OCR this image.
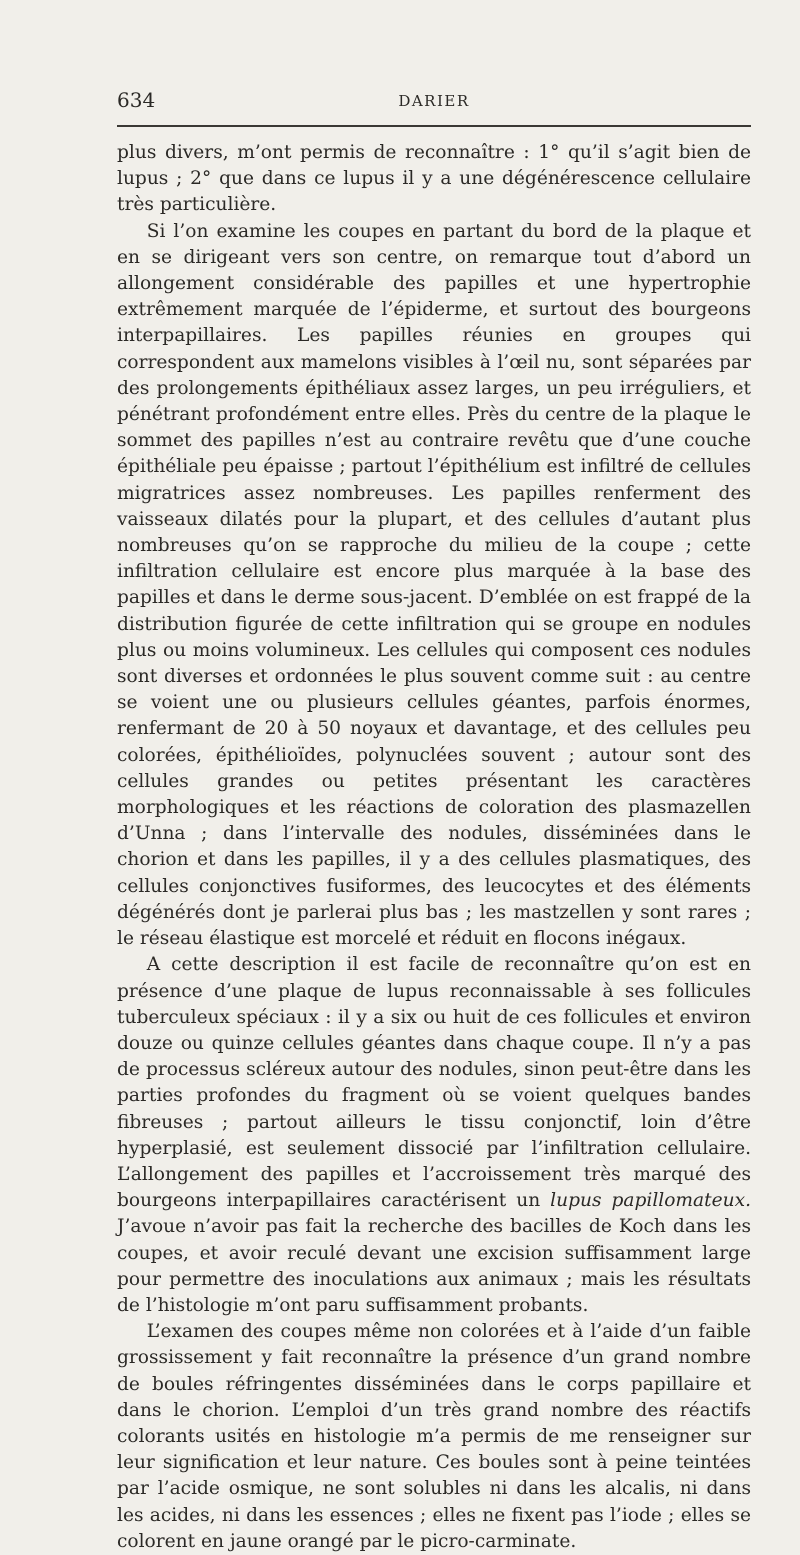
634	DARIER

plus divers, m’ont permis de reconnaître : 1° qu’il s’agit bien de lupus ; 2° que dans ce lupus il y a une dégénérescence cellulaire très particulière.

Si l’on examine les coupes en partant du bord de la plaque et en se dirigeant vers son centre, on remarque tout d’abord un allongement considérable des papilles et une hypertrophie extrêmement marquée de l’épiderme, et surtout des bourgeons interpapillaires. Les papilles réunies en groupes qui correspondent aux mamelons visibles à l’œil nu, sont séparées par des prolongements épithéliaux assez larges, un peu irréguliers, et pénétrant profondément entre elles. Près du centre de la plaque le sommet des papilles n’est au contraire revêtu que d’une couche épithéliale peu épaisse ; partout l’épithélium est infiltré de cellules migratrices assez nombreuses. Les papilles renferment des vaisseaux dilatés pour la plupart, et des cellules d’autant plus nombreuses qu’on se rapproche du milieu de la coupe ; cette infiltration cellulaire est encore plus marquée à la base des papilles et dans le derme sous-jacent. D’emblée on est frappé de la distribution figurée de cette infiltration qui se groupe en nodules plus ou moins volumineux. Les cellules qui composent ces nodules sont diverses et ordonnées le plus souvent comme suit : au centre se voient une ou plusieurs cellules géantes, parfois énormes, renfermant de 20 à 50 noyaux et davantage, et des cellules peu colorées, épithélioïdes, polynuclées souvent ; autour sont des cellules grandes ou petites présentant les caractères morphologiques et les réactions de coloration des plasmazellen d’Unna ; dans l’intervalle des nodules, disséminées dans le chorion et dans les papilles, il y a des cellules plasmatiques, des cellules conjonctives fusiformes, des leucocytes et des éléments dégénérés dont je parlerai plus bas ; les mastzellen y sont rares ; le réseau élastique est morcelé et réduit en flocons inégaux.

A cette description il est facile de reconnaître qu’on est en présence d’une plaque de lupus reconnaissable à ses follicules tuberculeux spéciaux : il y a six ou huit de ces follicules et environ douze ou quinze cellules géantes dans chaque coupe. Il n’y a pas de processus scléreux autour des nodules, sinon peut-être dans les parties profondes du fragment où se voient quelques bandes fibreuses ; partout ailleurs le tissu conjonctif, loin d’être hyperplasié, est seulement dissocié par l’infiltration cellulaire. L’allongement des papilles et l’accroissement très marqué des bourgeons interpapillaires caractérisent un lupus papillomateux. J’avoue n’avoir pas fait la recherche des bacilles de Koch dans les coupes, et avoir reculé devant une excision suffisamment large pour permettre des inoculations aux animaux ; mais les résultats de l’histologie m’ont paru suffisamment probants.

L’examen des coupes même non colorées et à l’aide d’un faible grossissement y fait reconnaître la présence d’un grand nombre de boules réfringentes disséminées dans le corps papillaire et dans le chorion. L’emploi d’un très grand nombre des réactifs colorants usités en histologie m’a permis de me renseigner sur leur signification et leur nature. Ces boules sont à peine teintées par l’acide osmique, ne sont solubles ni dans les alcalis, ni dans les acides, ni dans les essences ; elles ne fixent pas l’iode ; elles se colorent en jaune orangé par le picro-carminate.
